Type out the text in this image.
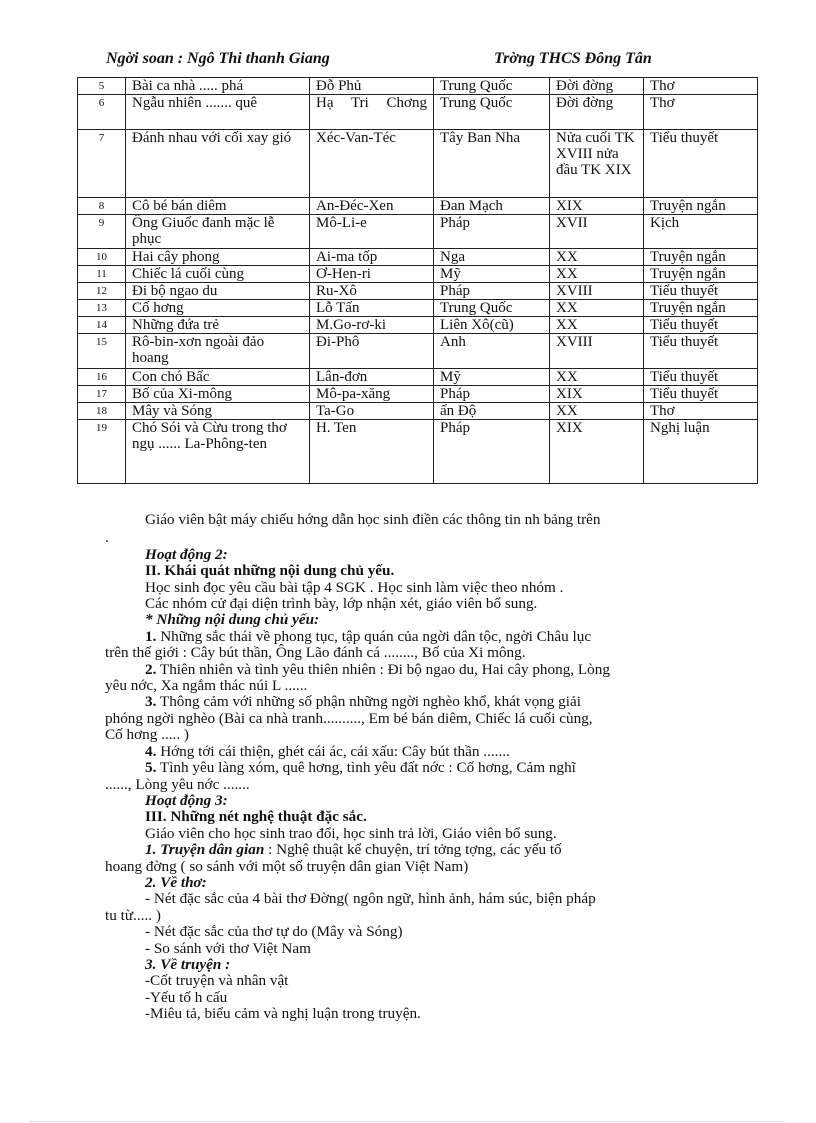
Ngời soan : Ngô Thi thanh Giang	Trờng THCS Đông Tân
5	Bài ca nhà ..... phá	Đỗ Phủ	Trung Quốc	Đời đờng	Thơ
6	Ngẫu nhiên ....... quê	Hạ Tri Chơng	Trung Quốc	Đời đờng	Thơ
7	Đánh nhau với cối xay gió	Xéc-Van-Téc	Tây Ban Nha	Nửa cuối TK XVIII nửa đầu TK XIX	Tiểu thuyết
8	Cô bé bán diêm	An-Đéc-Xen	Đan Mạch	XIX	Truyện ngắn
9	Ông Giuốc đanh mặc lễ phục	Mô-Li-e	Pháp	XVII	Kịch
10	Hai cây phong	Ai-ma tốp	Nga	XX	Truyện ngắn
11	Chiếc lá cuối cùng	Ơ-Hen-ri	Mỹ	XX	Truyện ngắn
12	Đi bộ ngao du	Ru-Xô	Pháp	XVIII	Tiểu thuyết
13	Cố hơng	Lỗ Tấn	Trung Quốc	XX	Truyện ngắn
14	Những đứa trẻ	M.Go-rơ-ki	Liên Xô(cũ)	XX	Tiểu thuyết
15	Rô-bin-xơn ngoài đảo hoang	Đi-Phô	Anh	XVIII	Tiểu thuyết
16	Con chó Bấc	Lân-đơn	Mỹ	XX	Tiểu thuyết
17	Bố của Xi-mông	Mô-pa-xăng	Pháp	XIX	Tiểu thuyết
18	Mây và Sóng	Ta-Go	ấn Độ	XX	Thơ
19	Chó Sói và Cừu trong thơ ngụ ...... La-Phông-ten	H. Ten	Pháp	XIX	Nghị luận

Giáo viên bật máy chiếu hớng dẫn học sinh điền các thông tin nh bảng trên

.

Hoạt động 2:

II. Khái quát những nội dung chủ yếu.

Học sinh đọc yêu cầu bài tập 4 SGK . Học sinh làm việc theo nhóm .

Các nhóm cử đại diện trình bày, lớp nhận xét, giáo viên bổ sung.

* Những nội dung chủ yếu:

1. Những sắc thái về phong tục, tập quán của ngời dân tộc, ngời Châu lục

trên thế giới : Cây bút thần, Ông Lão đánh cá ........, Bố của Xi mông.

2. Thiên nhiên và tình yêu thiên nhiên : Đi bộ ngao du, Hai cây phong, Lòng

yêu nớc, Xa ngắm thác núi L ......

3. Thông cảm với những số phận những ngời nghèo khổ, khát vọng giải

phóng ngời nghèo (Bài ca nhà tranh.........., Em bé bán diêm, Chiếc lá cuối cùng,

Cố hơng ..... )

4. Hớng tới cái thiện, ghét cái ác, cái xấu: Cây bút thần .......

5. Tình yêu làng xóm, quê hơng, tình yêu đất nớc : Cố hơng, Cảm nghĩ

......, Lòng yêu nớc .......

Hoạt động 3:

III. Những nét nghệ thuật đặc sắc.

Giáo viên cho học sinh trao đổi, học sinh trả lời, Giáo viên bổ sung.

1. Truyện dân gian : Nghệ thuật kể chuyện, trí tởng tợng, các yếu tố

hoang đờng ( so sánh với một số truyện dân gian Việt Nam)

2. Về thơ:

- Nét đặc sắc của 4 bài thơ Đờng( ngôn ngữ, hình ảnh, hám súc, biện pháp

tu từ..... )

- Nét đặc sắc của thơ tự do (Mây và Sóng)

- So sánh với thơ Việt Nam

3. Về truyện :

-Cốt truyện và nhân vật

-Yếu tố h cấu

-Miêu tả, biểu cảm và nghị luận trong truyện.
